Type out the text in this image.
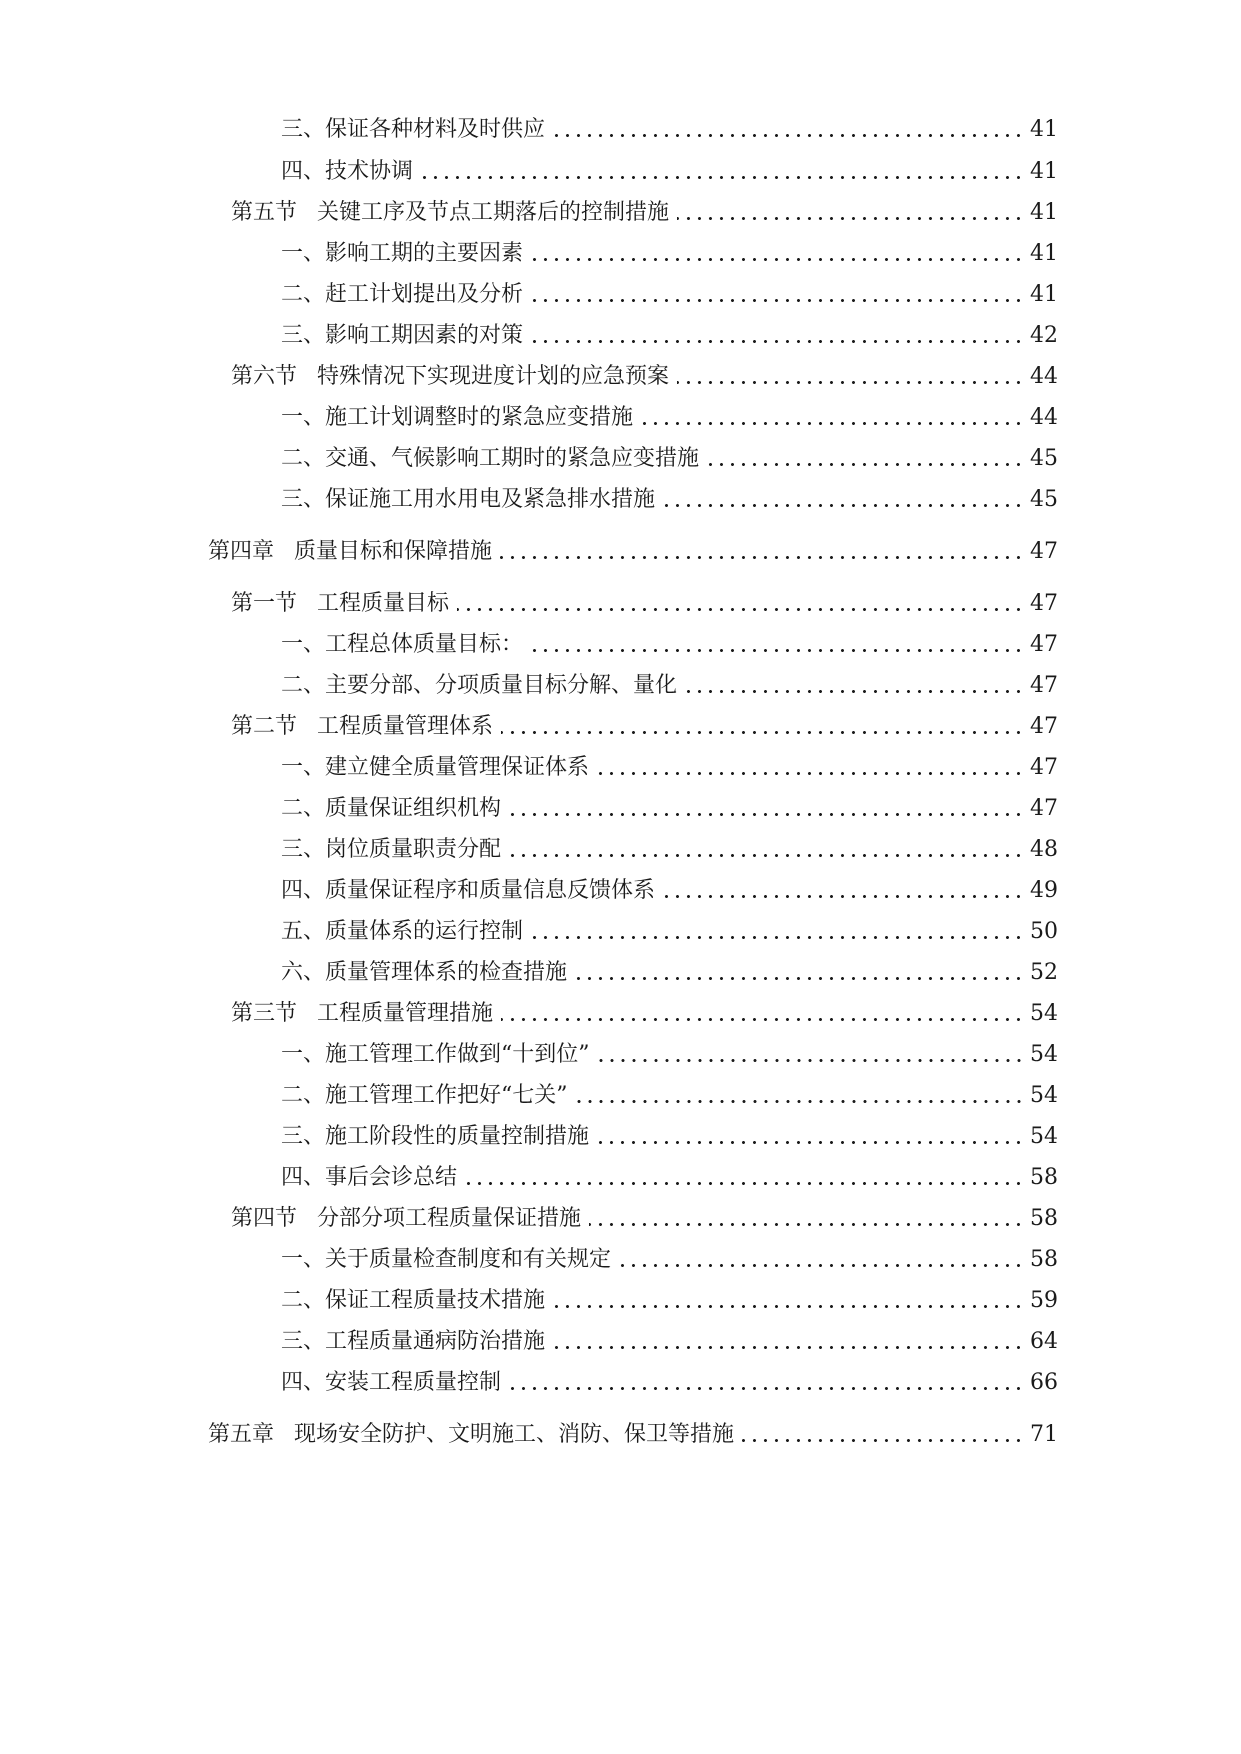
三、保证各种材料及时供应	41
四、技术协调	41
第五节 关键工序及节点工期落后的控制措施	41
一、影响工期的主要因素	41
二、赶工计划提出及分析	41
三、影响工期因素的对策	42
第六节 特殊情况下实现进度计划的应急预案	44
一、施工计划调整时的紧急应变措施	44
二、交通、气候影响工期时的紧急应变措施	45
三、保证施工用水用电及紧急排水措施	45
第四章 质量目标和保障措施	47
第一节 工程质量目标	47
一、工程总体质量目标：	47
二、主要分部、分项质量目标分解、量化	47
第二节 工程质量管理体系	47
一、建立健全质量管理保证体系	47
二、质量保证组织机构	47
三、岗位质量职责分配	48
四、质量保证程序和质量信息反馈体系	49
五、质量体系的运行控制	50
六、质量管理体系的检查措施	52
第三节 工程质量管理措施	54
一、施工管理工作做到“十到位”	54
二、施工管理工作把好“七关”	54
三、施工阶段性的质量控制措施	54
四、事后会诊总结	58
第四节 分部分项工程质量保证措施	58
一、关于质量检查制度和有关规定	58
二、保证工程质量技术措施	59
三、工程质量通病防治措施	64
四、安装工程质量控制	66
第五章 现场安全防护、文明施工、消防、保卫等措施	71
